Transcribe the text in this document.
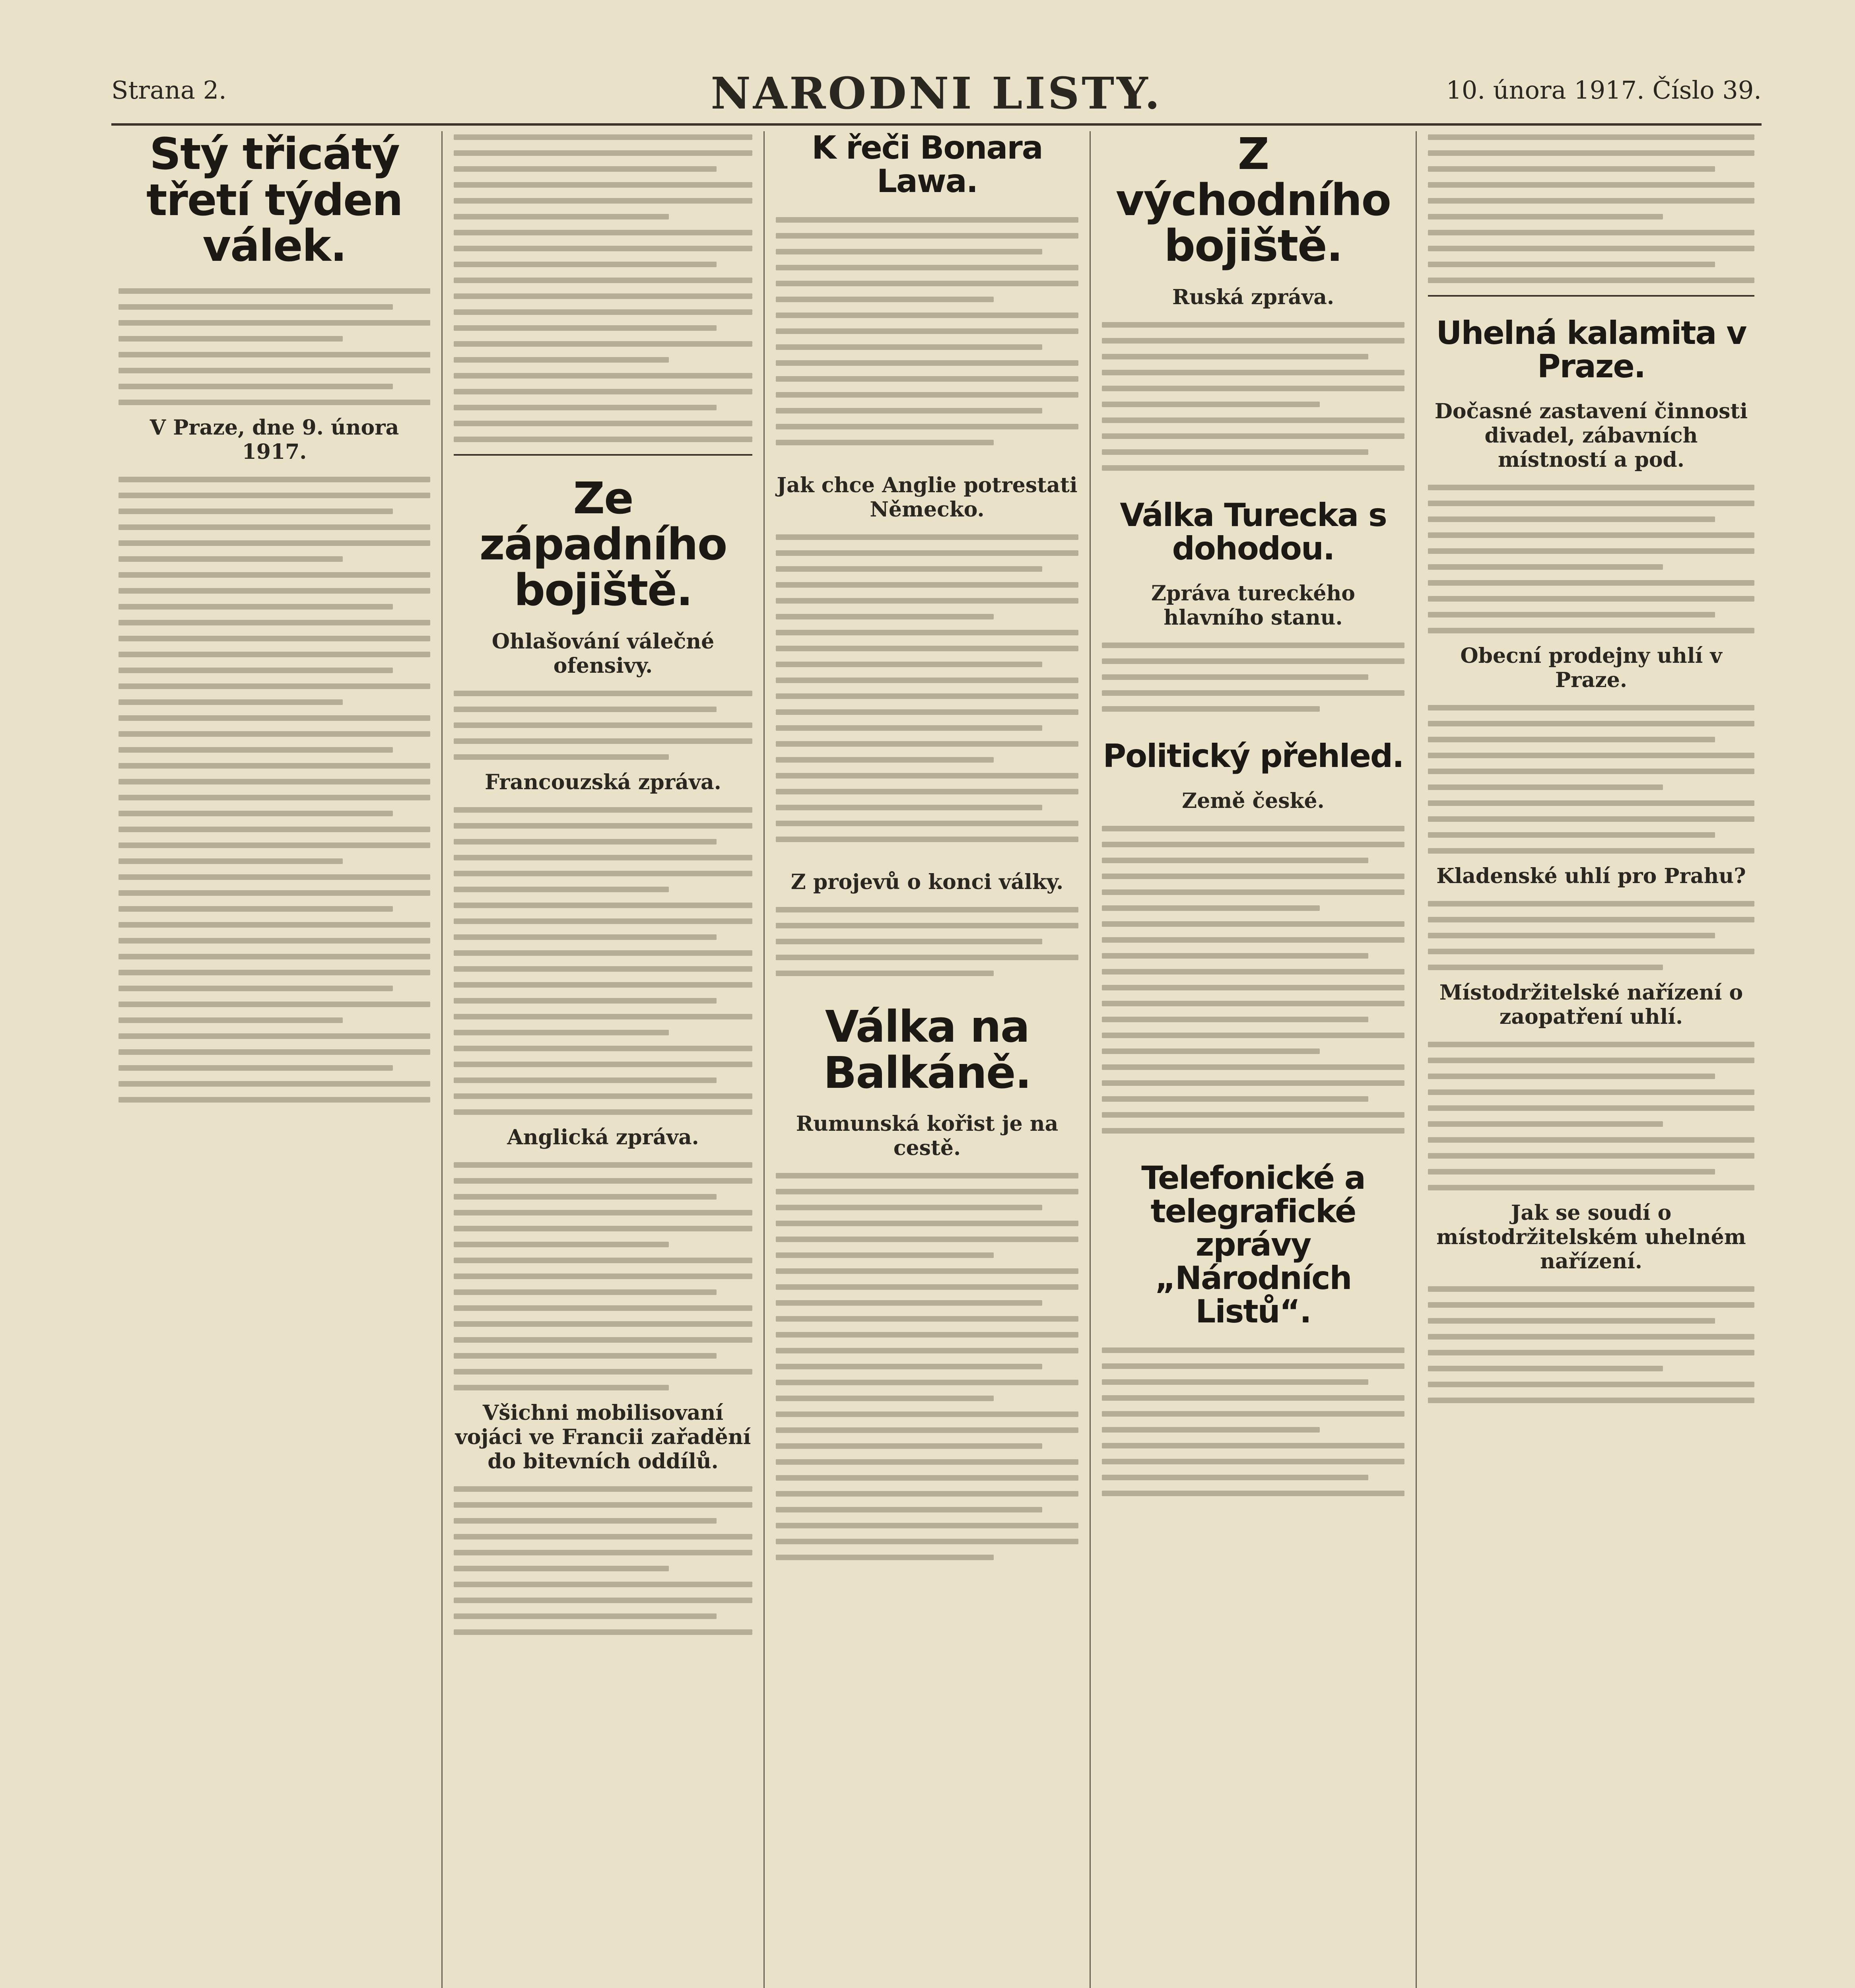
Strana 2.	NARODNI LISTY.	10. února 1917. Číslo 39.
Stý třicátý třetí týden válek.
V Praze, dne 9. února 1917.
Ze západního bojiště.
Ohlašování válečné ofensivy.
Francouzská zpráva.
Anglická zpráva.
Všichni mobilisovaní vojáci ve Francii zařadění do bitevních oddílů.
K řeči Bonara Lawa.
Jak chce Anglie potrestati Německo.
Z projevů o konci války.
Válka na Balkáně.
Rumunská kořist je na cestě.
Z východního bojiště.
Ruská zpráva.
Válka Turecka s dohodou.
Zpráva tureckého hlavního stanu.
Politický přehled.
Země české.
Telefonické a telegrafické zprávy „Národních Listů“.
Uhelná kalamita v Praze.
Dočasné zastavení činnosti divadel, zábavních místností a pod.
Obecní prodejny uhlí v Praze.
Kladenské uhlí pro Prahu?
Místodržitelské nařízení o zaopatření uhlí.
Jak se soudí o místodržitelském uhelném nařízení.
